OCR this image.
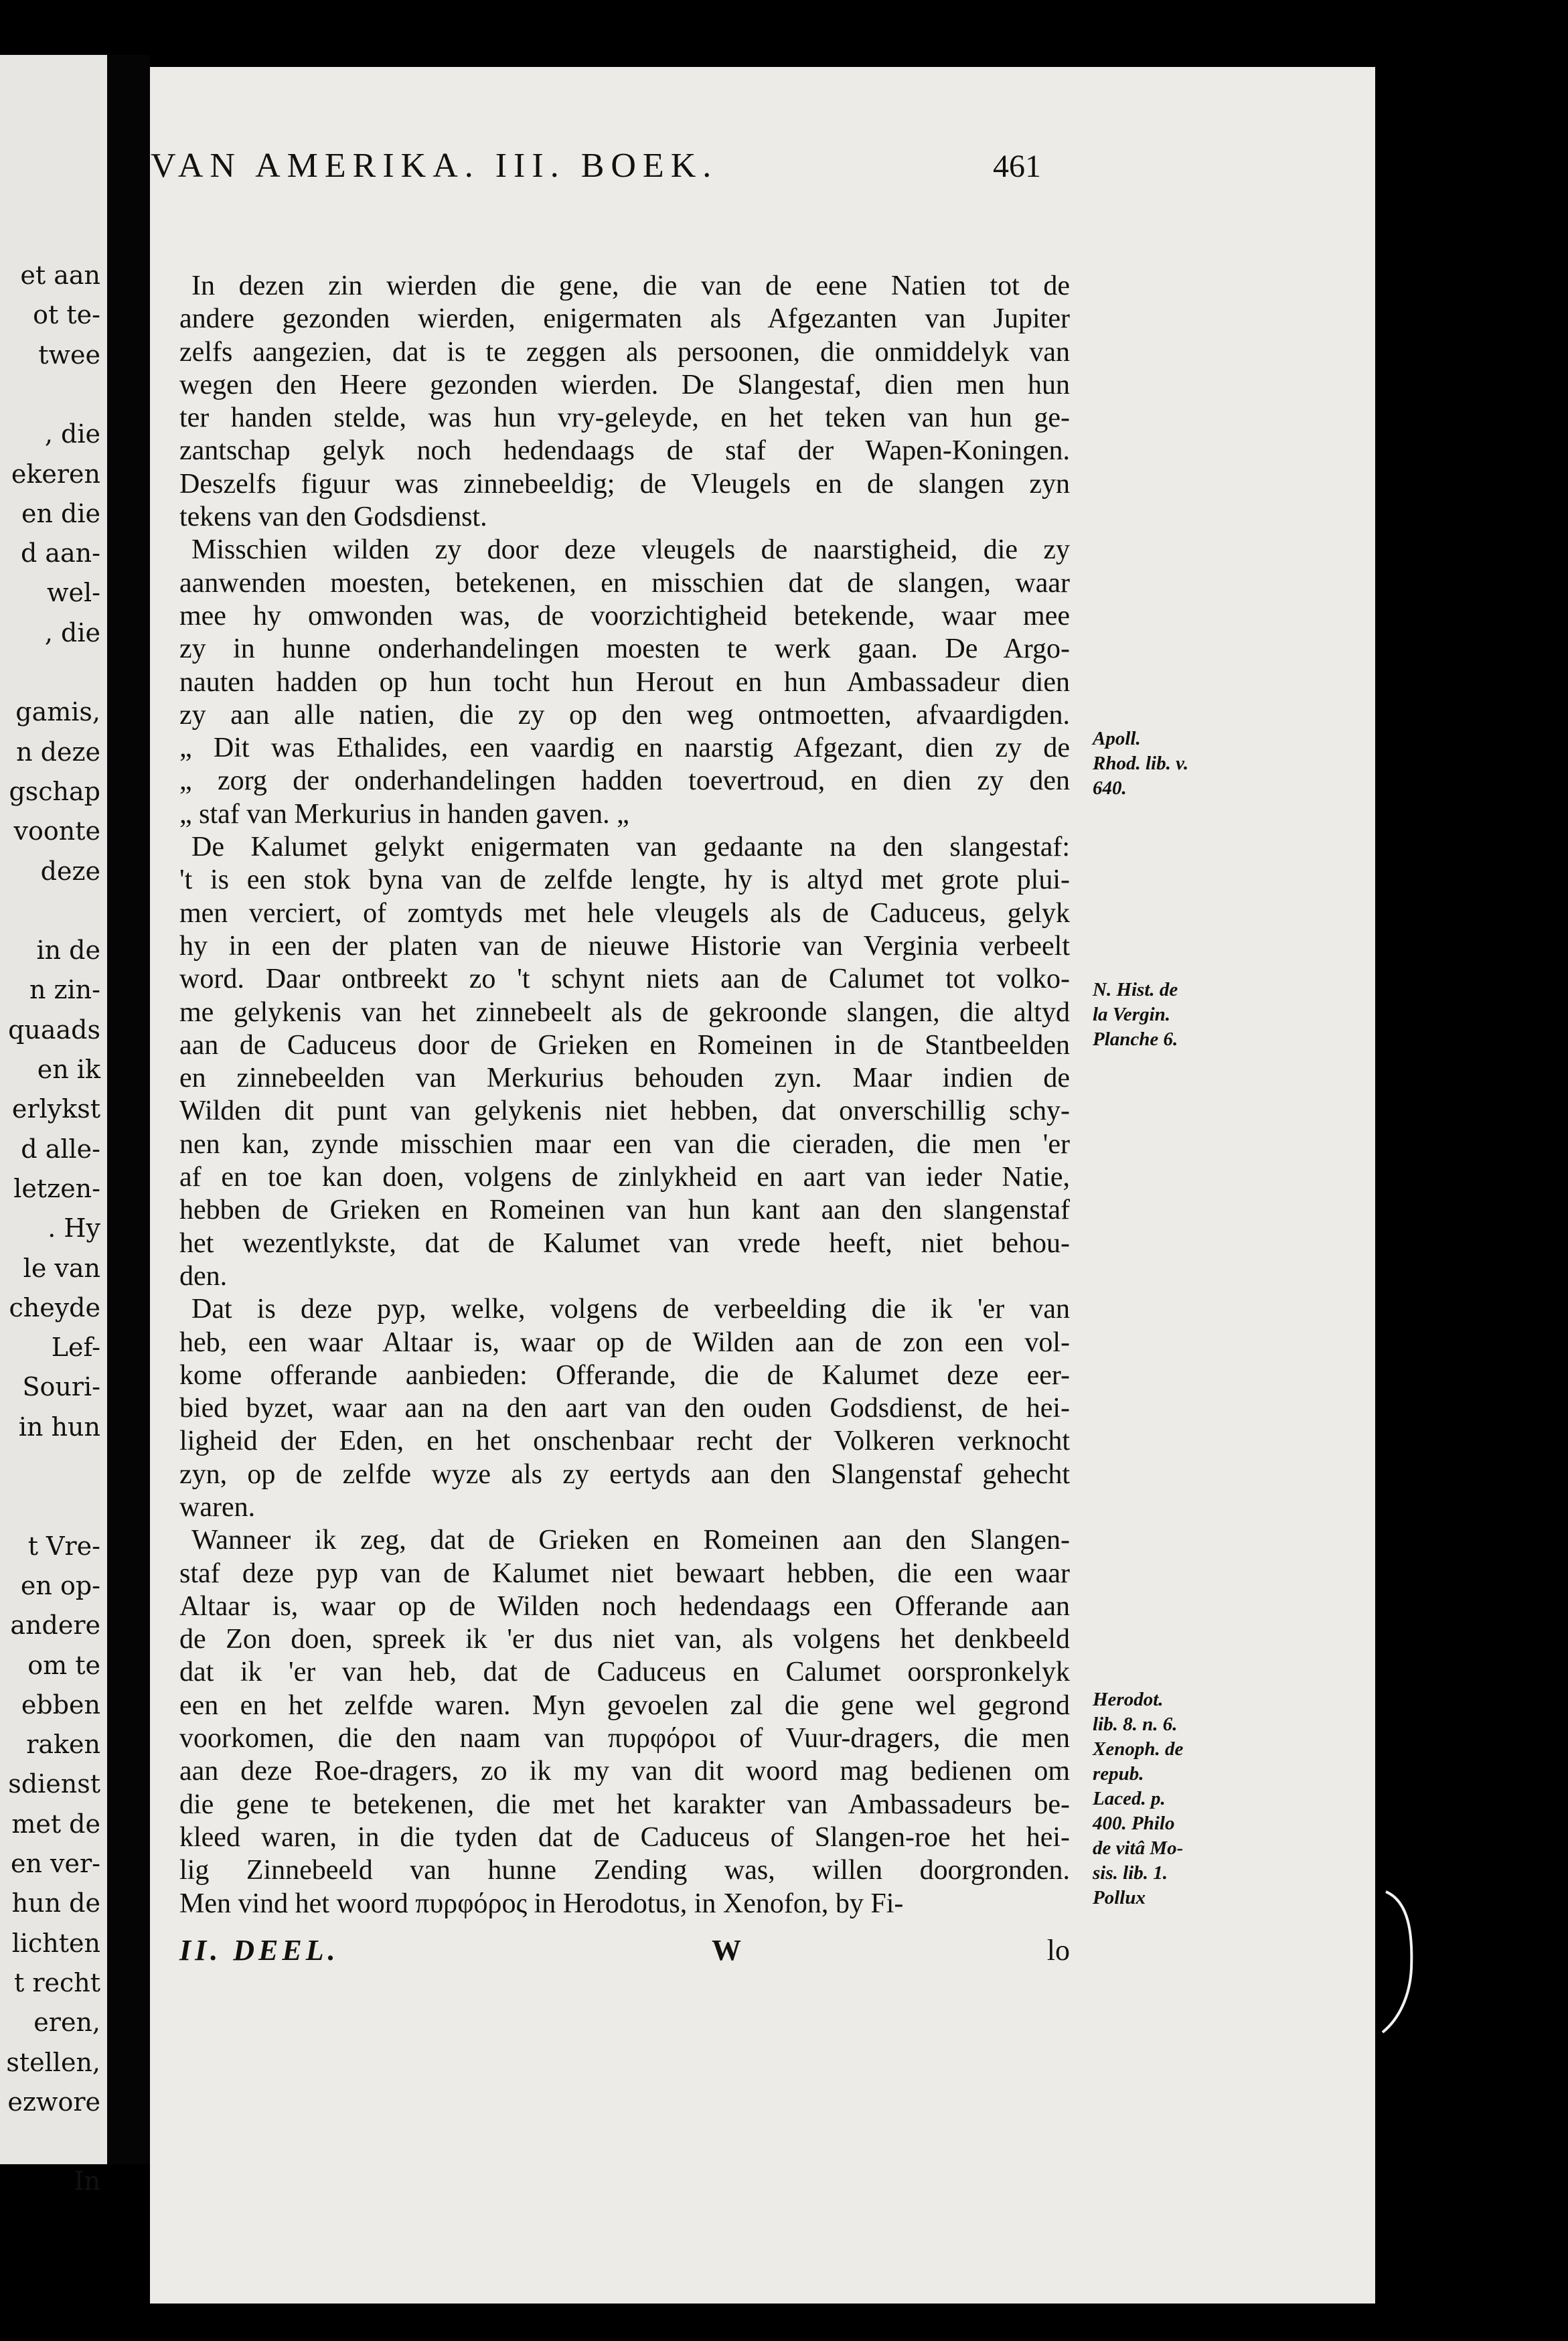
et aan
ot te-
twee
, die
ekeren
en die
d aan-
wel-
, die
gamis,
n deze
gschap
voonte
deze
in de
n zin-
quaads
en ik
erlykst
d alle-
letzen-
. Hy
le van
cheyde
Lef-
Souri-
in hun
t Vre-
en op-
andere
om te
ebben
raken
sdienst
met de
en ver-
hun de
lichten
t recht
eren,
stellen,
ezwore
In
VAN AMERIKA. III. BOEK.	461
In dezen zin wierden die gene, die van de eene Natien tot de
andere gezonden wierden, enigermaten als Afgezanten van Jupiter
zelfs aangezien, dat is te zeggen als persoonen, die onmiddelyk van
wegen den Heere gezonden wierden. De Slangestaf, dien men hun
ter handen stelde, was hun vry-geleyde, en het teken van hun ge-
zantschap gelyk noch hedendaags de staf der Wapen-Koningen.
Deszelfs figuur was zinnebeeldig; de Vleugels en de slangen zyn
tekens van den Godsdienst.
Misschien wilden zy door deze vleugels de naarstigheid, die zy
aanwenden moesten, betekenen, en misschien dat de slangen, waar
mee hy omwonden was, de voorzichtigheid betekende, waar mee
zy in hunne onderhandelingen moesten te werk gaan. De Argo-
nauten hadden op hun tocht hun Herout en hun Ambassadeur dien
zy aan alle natien, die zy op den weg ontmoetten, afvaardigden.
„ Dit was Ethalides, een vaardig en naarstig Afgezant, dien zy de
„ zorg der onderhandelingen hadden toevertroud, en dien zy den
„ staf van Merkurius in handen gaven. „
De Kalumet gelykt enigermaten van gedaante na den slangestaf:
't is een stok byna van de zelfde lengte, hy is altyd met grote plui-
men verciert, of zomtyds met hele vleugels als de Caduceus, gelyk
hy in een der platen van de nieuwe Historie van Verginia verbeelt
word. Daar ontbreekt zo 't schynt niets aan de Calumet tot volko-
me gelykenis van het zinnebeelt als de gekroonde slangen, die altyd
aan de Caduceus door de Grieken en Romeinen in de Stantbeelden
en zinnebeelden van Merkurius behouden zyn. Maar indien de
Wilden dit punt van gelykenis niet hebben, dat onverschillig schy-
nen kan, zynde misschien maar een van die cieraden, die men 'er
af en toe kan doen, volgens de zinlykheid en aart van ieder Natie,
hebben de Grieken en Romeinen van hun kant aan den slangenstaf
het wezentlykste, dat de Kalumet van vrede heeft, niet behou-
den.
Dat is deze pyp, welke, volgens de verbeelding die ik 'er van
heb, een waar Altaar is, waar op de Wilden aan de zon een vol-
kome offerande aanbieden: Offerande, die de Kalumet deze eer-
bied byzet, waar aan na den aart van den ouden Godsdienst, de hei-
ligheid der Eden, en het onschenbaar recht der Volkeren verknocht
zyn, op de zelfde wyze als zy eertyds aan den Slangenstaf gehecht
waren.
Wanneer ik zeg, dat de Grieken en Romeinen aan den Slangen-
staf deze pyp van de Kalumet niet bewaart hebben, die een waar
Altaar is, waar op de Wilden noch hedendaags een Offerande aan
de Zon doen, spreek ik 'er dus niet van, als volgens het denkbeeld
dat ik 'er van heb, dat de Caduceus en Calumet oorspronkelyk
een en het zelfde waren. Myn gevoelen zal die gene wel gegrond
voorkomen, die den naam van πυρφόροι of Vuur-dragers, die men
aan deze Roe-dragers, zo ik my van dit woord mag bedienen om
die gene te betekenen, die met het karakter van Ambassadeurs be-
kleed waren, in die tyden dat de Caduceus of Slangen-roe het hei-
lig Zinnebeeld van hunne Zending was, willen doorgronden.
Men vind het woord πυρφόρος in Herodotus, in Xenofon, by Fi-
Apoll. Rhod. lib. v. 640.
N. Hist. de la Vergin. Planche 6.
Herodot. lib. 8. n. 6. Xenoph. de repub. Laced. p. 400. Philo de vitâ Mo-sis. lib. 1. Pollux
II. DEEL.	W	lo
